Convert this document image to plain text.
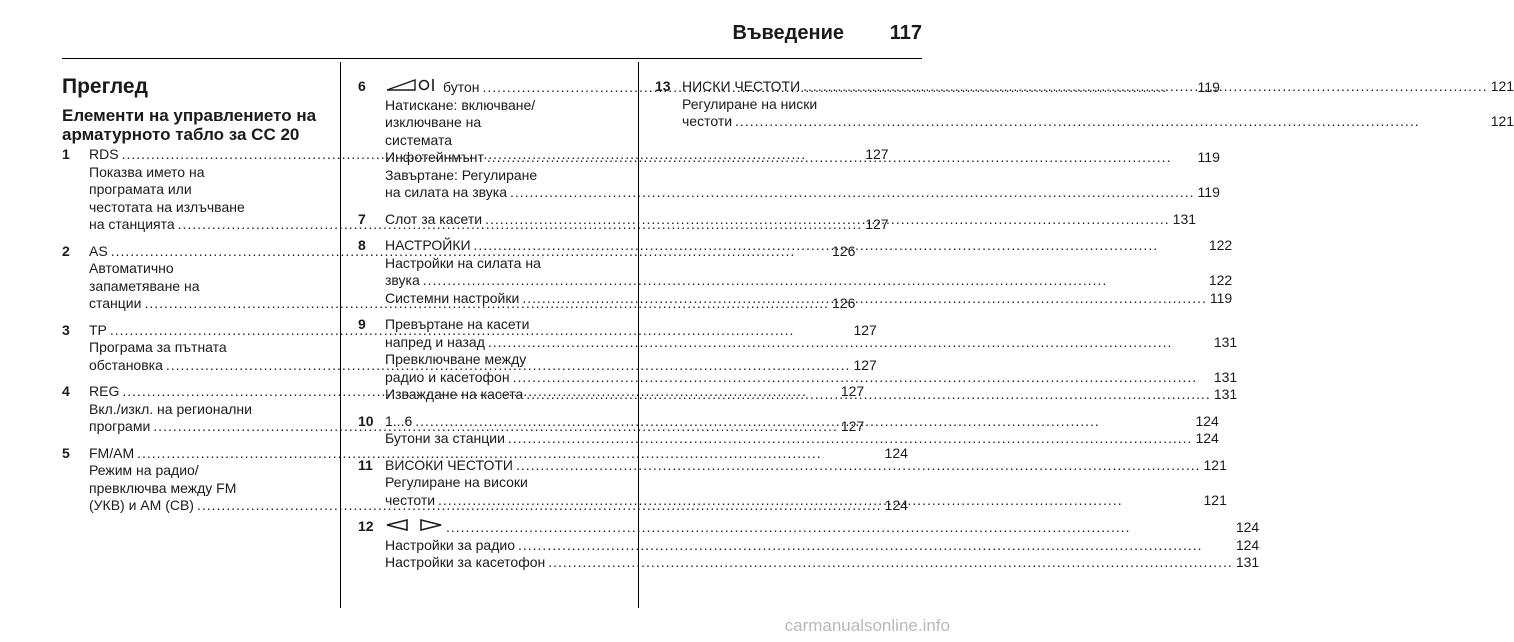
Въведение 117
Преглед
Елементи на управлението на арматурното табло за CC 20
1	RDS .....	127
Показва името на
програмата или
честотата на излъчване
на станцията .....	127
2	AS .....	126
Автоматично
запаметяване на
станции .....	126
3	TP .....	127
Програма за пътната
обстановка .....	127
4	REG .....	127
Вкл./изкл. на регионални
програми .....	127
5	FM/AM .....	124
Режим на радио/
превключва между FM
(УКВ) и AM (СВ) .....	124
6	бутон .....	119
Натискане: включване/
изключване на
системата
Инфотейнмънт .....	119
Завъртане: Регулиране
на силата на звука .....	119
7	Слот за касети .....	131
8	НАСТРОЙКИ .....	122
Настройки на силата на
звука .....	122
Системни настройки .....	119
9	Превъртане на касети
напред и назад .....	131
Превключване между
радио и касетофон .....	131
Изваждане на касета .....	131
10 1...6 .....	124
Бутони за станции .....	124
11 ВИСОКИ ЧЕСТОТИ .....	121
Регулиране на високи
честоти .....	121
12 .....	124
Настройки за радио .....	124
Настройки за касетофон .....	131
13 НИСКИ ЧЕСТОТИ .....	121
Регулиране на ниски
честоти .....	121
carmanualsonline.info
